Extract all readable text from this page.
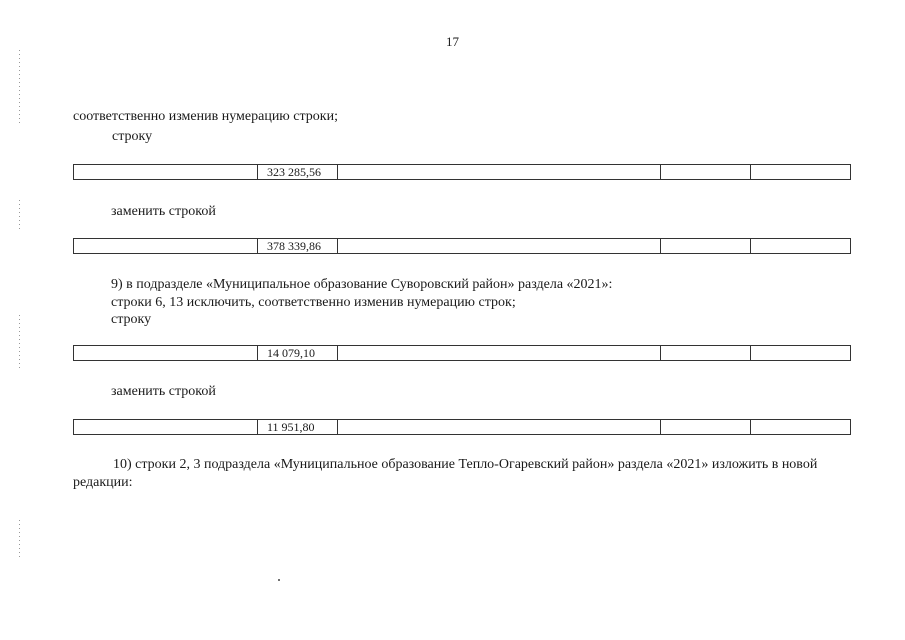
17
соответственно изменив нумерацию строки;
строку
	323 285,56			
заменить строкой
	378 339,86			
9) в подразделе «Муниципальное образование Суворовский район» раздела «2021»:
строки 6, 13 исключить, соответственно изменив нумерацию строк;
строку
	14 079,10			
заменить строкой
	11 951,80			
10) строки 2, 3 подраздела «Муниципальное образование Тепло-Огаревский район» раздела «2021» изложить в новой редакции:
